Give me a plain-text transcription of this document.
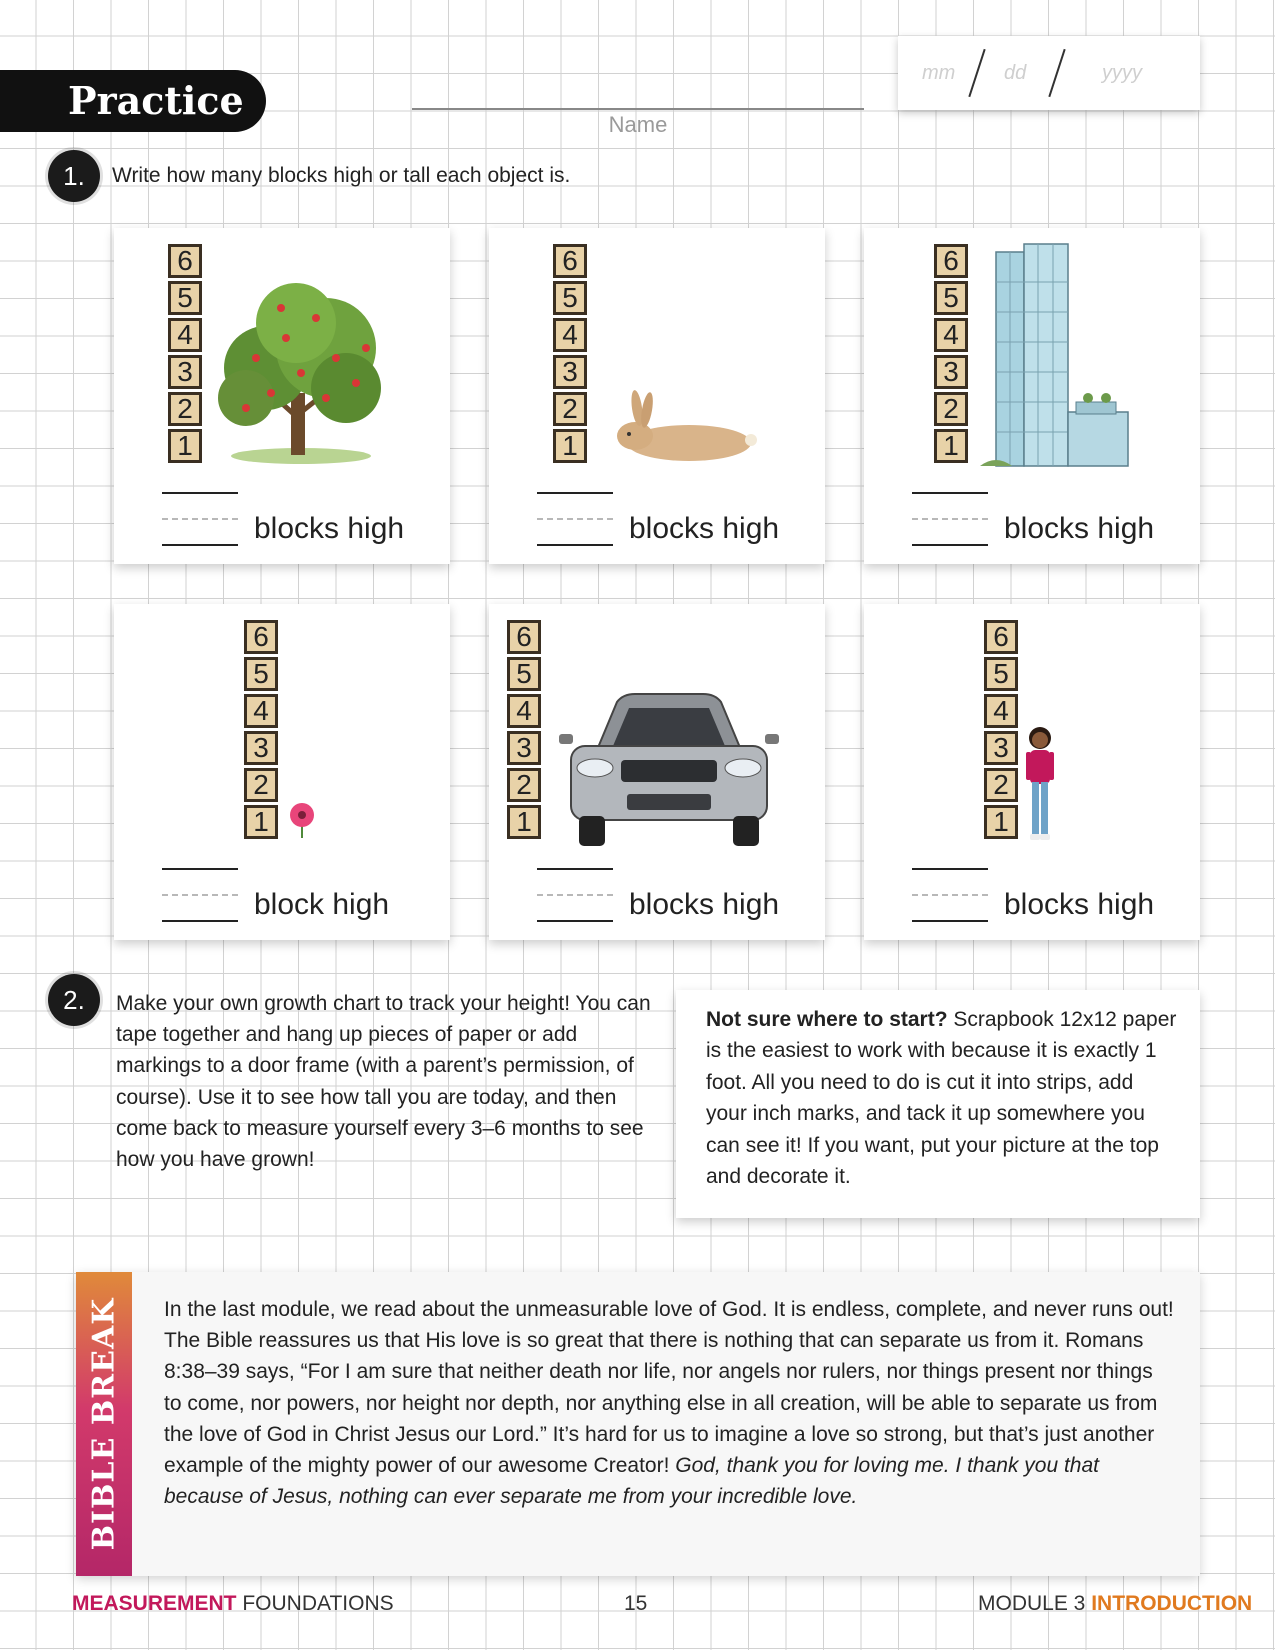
Practice
Name
mm dd	yyyy
1.	Write how many blocks high or tall each object is.
6
5
4
3
2
1
blocks high
6
5
4
3
2
1
blocks high
6
5
4
3
2
1
blocks high
6
5
4
3
2
1
block high
6
5
4
3
2
1
blocks high
6
5
4
3
2
1
blocks high
2.	Make your own growth chart to track your height! You can tape together and hang up pieces of paper or add markings to a door frame (with a parent’s permission, of course). Use it to see how tall you are today, and then come back to measure yourself every 3–6 months to see how you have grown!
Not sure where to start? Scrapbook 12x12 paper is the easiest to work with because it is exactly 1 foot. All you need to do is cut it into strips, add your inch marks, and tack it up somewhere you can see it! If you want, put your picture at the top and decorate it.
BIBLE BREAK In the last module, we read about the unmeasurable love of God. It is endless, complete, and never runs out! The Bible reassures us that His love is so great that there is nothing that can separate us from it. Romans 8:38–39 says, “For I am sure that neither death nor life, nor angels nor rulers, nor things present nor things to come, nor powers, nor height nor depth, nor anything else in all creation, will be able to separate us from the love of God in Christ Jesus our Lord.” It’s hard for us to imagine a love so strong, but that’s just another example of the mighty power of our awesome Creator! God, thank you for loving me. I thank you that because of Jesus, nothing can ever separate me from your incredible love.
MEASUREMENT FOUNDATIONS	15	MODULE 3 INTRODUCTION
